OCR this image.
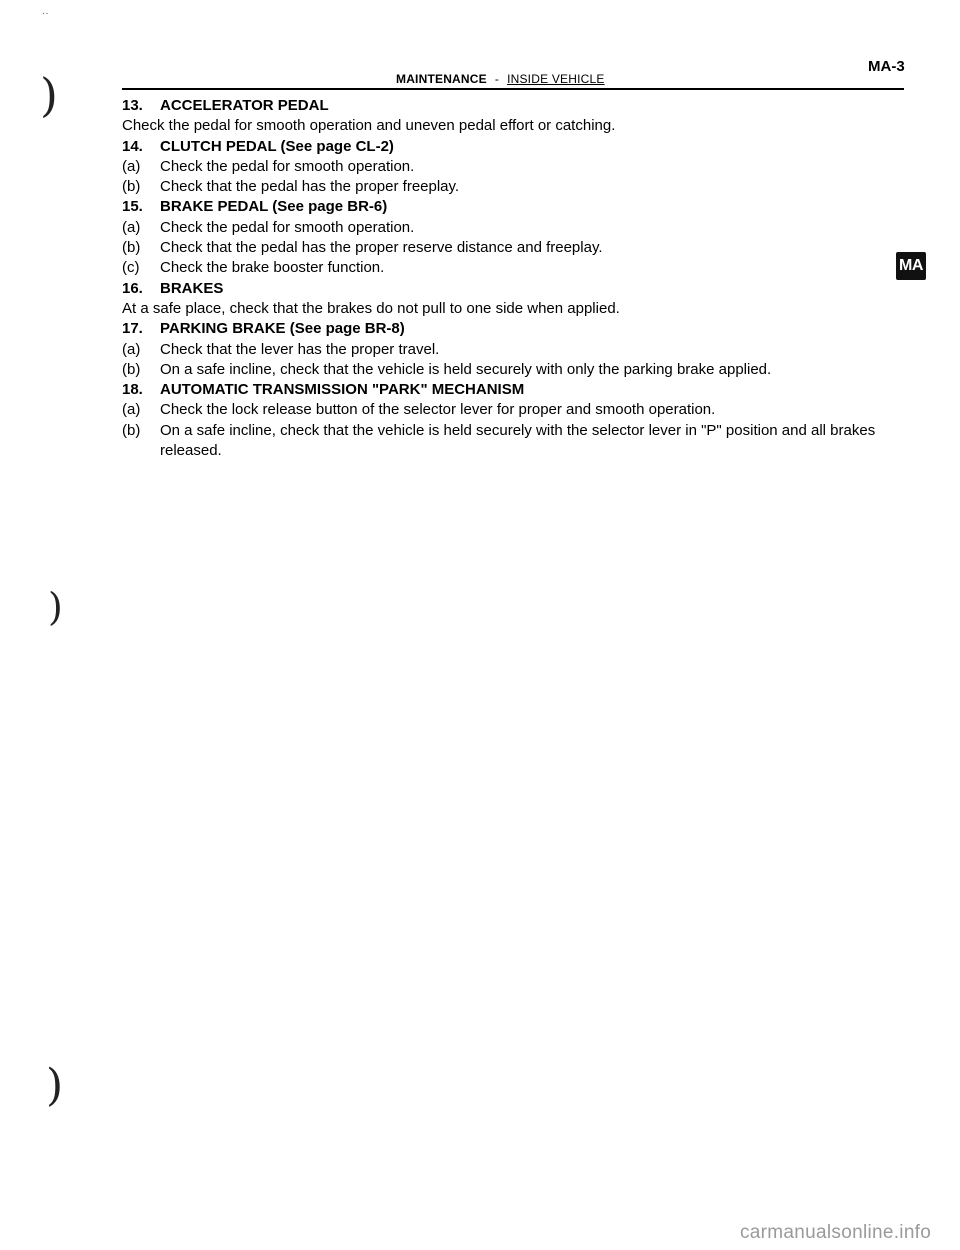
··
MA-3
MAINTENANCE - INSIDE VEHICLE
)
)
)
MA
13.	ACCELERATOR PEDAL
Check the pedal for smooth operation and uneven pedal effort or catching.
14.	CLUTCH PEDAL (See page CL-2)
(a)	Check the pedal for smooth operation.
(b)	Check that the pedal has the proper freeplay.
15.	BRAKE PEDAL (See page BR-6)
(a)	Check the pedal for smooth operation.
(b)	Check that the pedal has the proper reserve distance and freeplay.
(c)	Check the brake booster function.
16.	BRAKES
At a safe place, check that the brakes do not pull to one side when applied.
17.	PARKING BRAKE (See page BR-8)
(a)	Check that the lever has the proper travel.
(b)	On a safe incline, check that the vehicle is held securely with only the parking brake applied.
18.	AUTOMATIC TRANSMISSION "PARK" MECHANISM
(a)	Check the lock release button of the selector lever for proper and smooth operation.
(b)	On a safe incline, check that the vehicle is held securely with the selector lever in "P" position and all brakes released.
carmanualsonline.info
